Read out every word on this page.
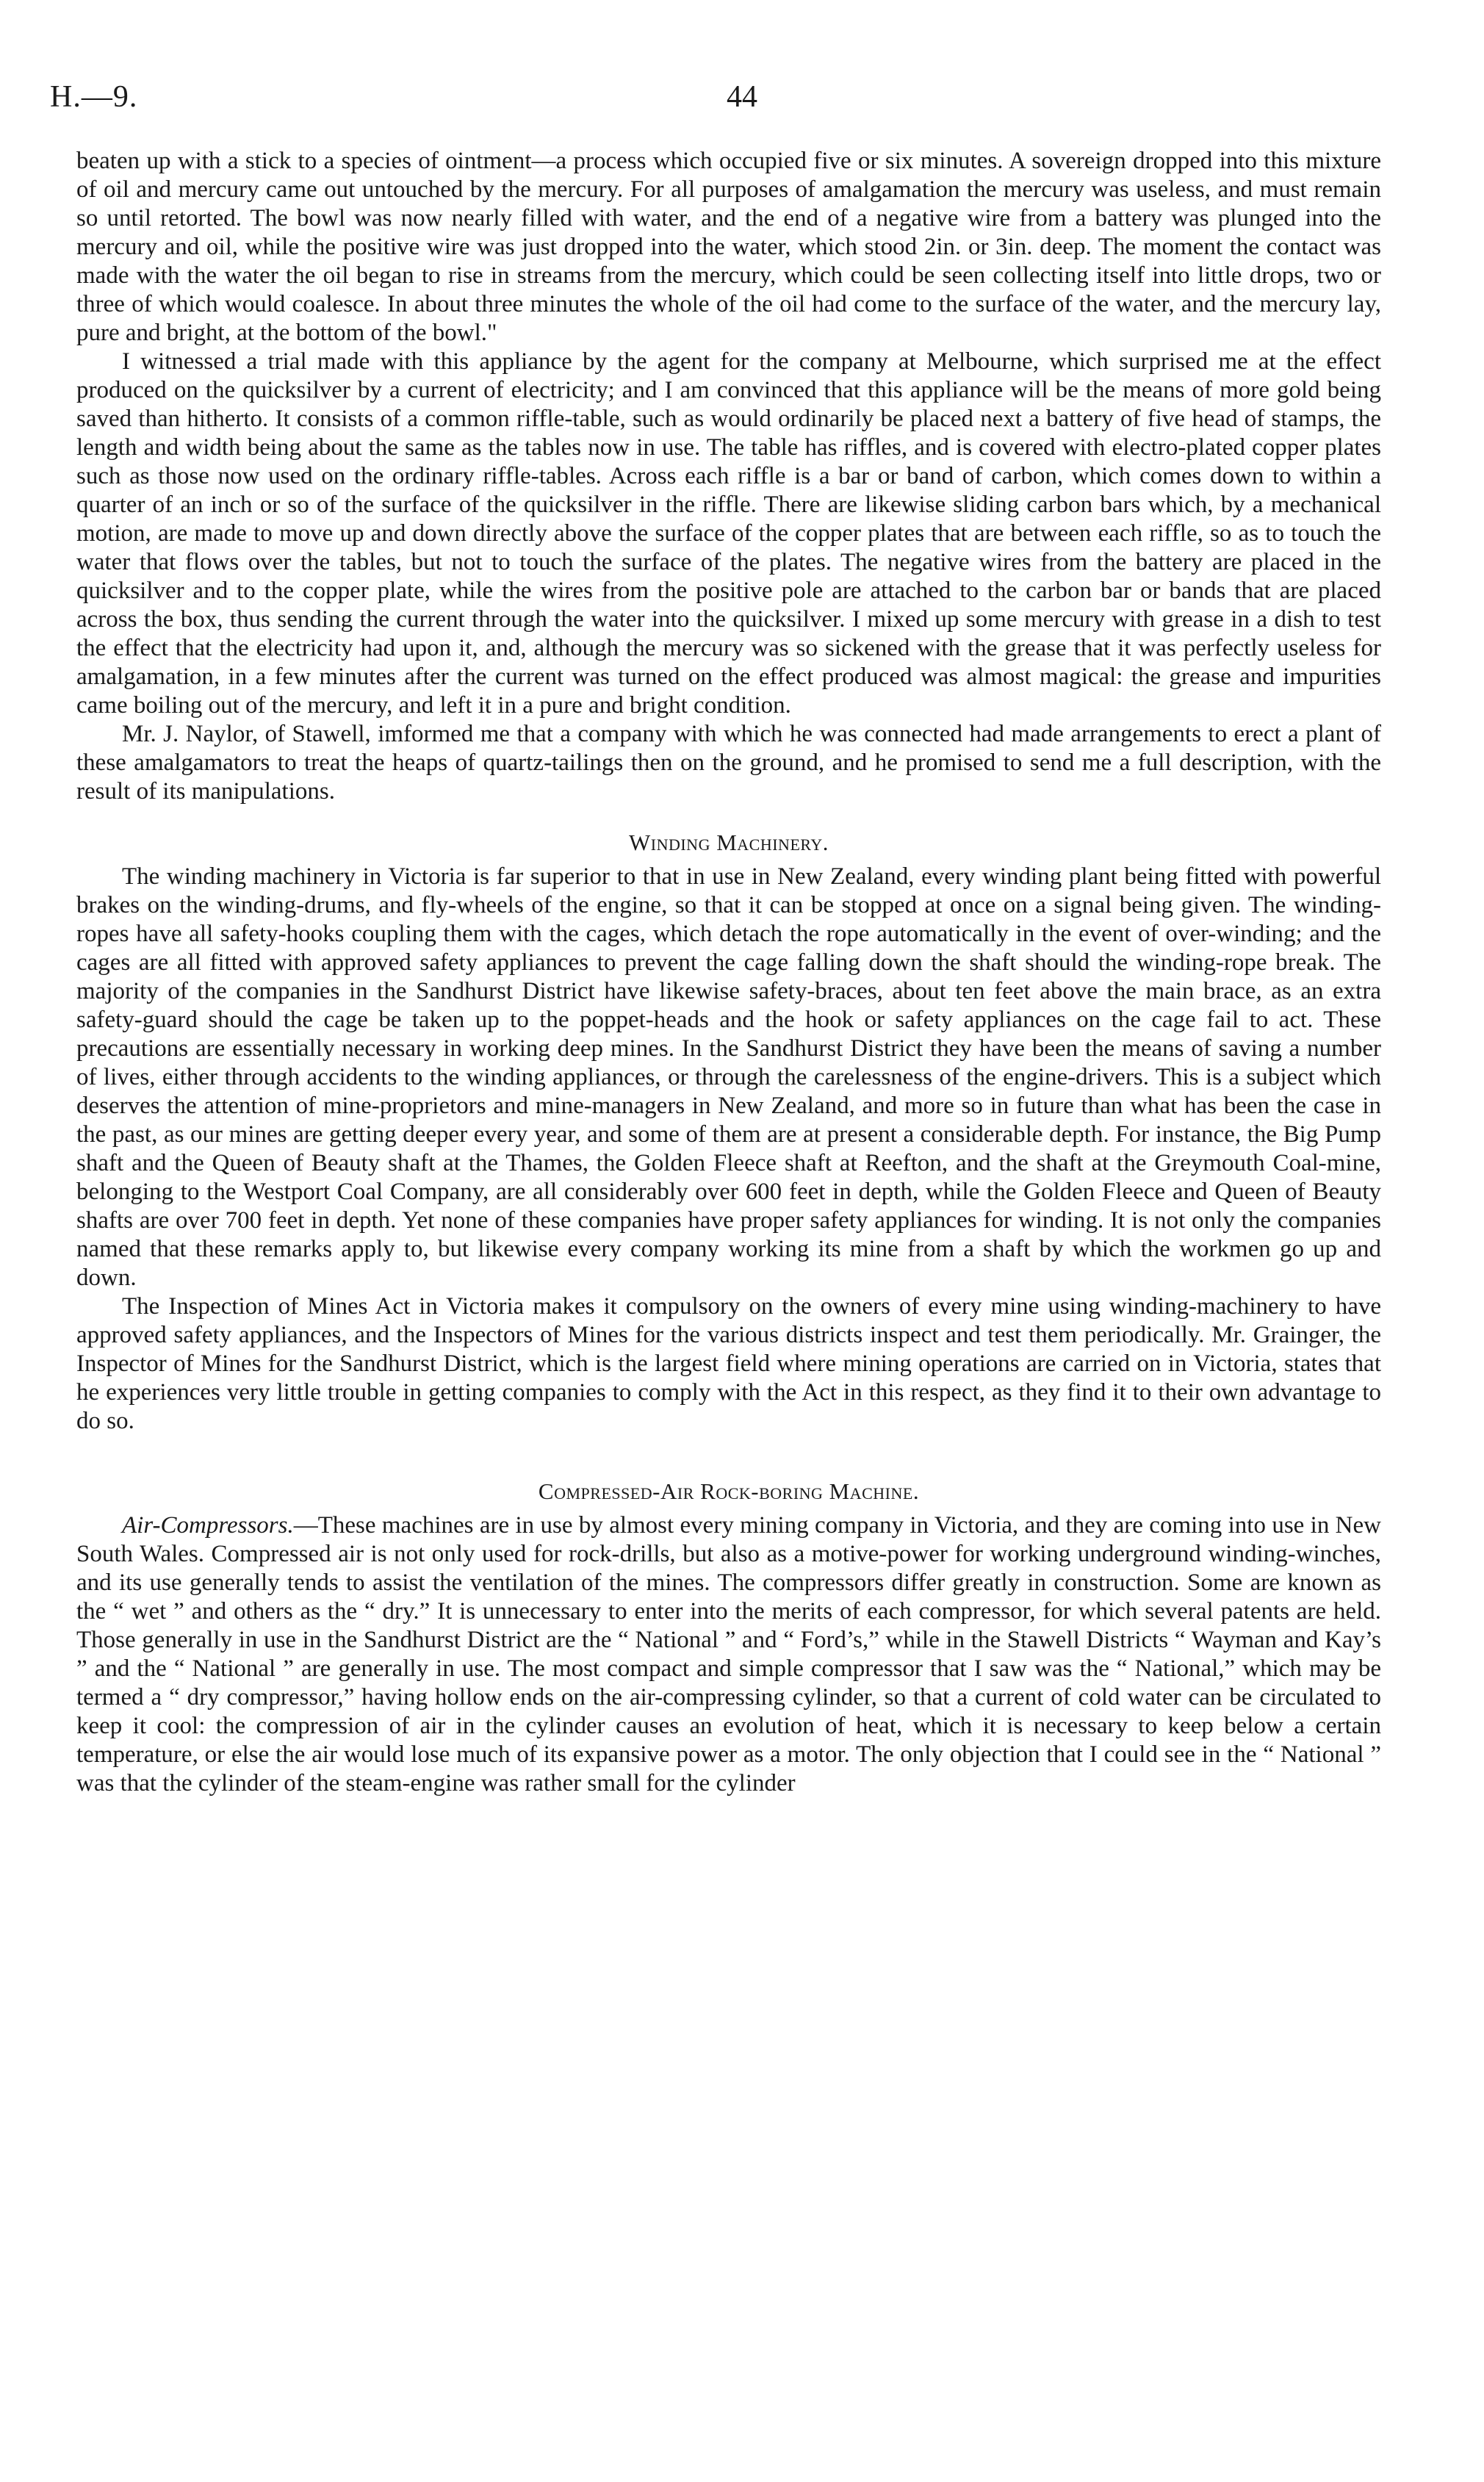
H.—9.	44

beaten up with a stick to a species of ointment—a process which occupied five or six minutes. A sovereign dropped into this mixture of oil and mercury came out untouched by the mercury. For all purposes of amalgamation the mercury was useless, and must remain so until retorted. The bowl was now nearly filled with water, and the end of a negative wire from a battery was plunged into the mercury and oil, while the positive wire was just dropped into the water, which stood 2in. or 3in. deep. The moment the contact was made with the water the oil began to rise in streams from the mercury, which could be seen collecting itself into little drops, two or three of which would coalesce. In about three minutes the whole of the oil had come to the surface of the water, and the mercury lay, pure and bright, at the bottom of the bowl."

I witnessed a trial made with this appliance by the agent for the company at Melbourne, which surprised me at the effect produced on the quicksilver by a current of electricity; and I am convinced that this appliance will be the means of more gold being saved than hitherto. It consists of a common riffle-table, such as would ordinarily be placed next a battery of five head of stamps, the length and width being about the same as the tables now in use. The table has riffles, and is covered with electro-plated copper plates such as those now used on the ordinary riffle-tables. Across each riffle is a bar or band of carbon, which comes down to within a quarter of an inch or so of the surface of the quicksilver in the riffle. There are likewise sliding carbon bars which, by a mechanical motion, are made to move up and down directly above the surface of the copper plates that are between each riffle, so as to touch the water that flows over the tables, but not to touch the surface of the plates. The negative wires from the battery are placed in the quicksilver and to the copper plate, while the wires from the positive pole are attached to the carbon bar or bands that are placed across the box, thus sending the current through the water into the quicksilver. I mixed up some mercury with grease in a dish to test the effect that the electricity had upon it, and, although the mercury was so sickened with the grease that it was perfectly useless for amalgamation, in a few minutes after the current was turned on the effect produced was almost magical: the grease and impurities came boiling out of the mercury, and left it in a pure and bright condition.

Mr. J. Naylor, of Stawell, imformed me that a company with which he was connected had made arrangements to erect a plant of these amalgamators to treat the heaps of quartz-tailings then on the ground, and he promised to send me a full description, with the result of its manipulations.

Winding Machinery.

The winding machinery in Victoria is far superior to that in use in New Zealand, every winding plant being fitted with powerful brakes on the winding-drums, and fly-wheels of the engine, so that it can be stopped at once on a signal being given. The winding-ropes have all safety-hooks coupling them with the cages, which detach the rope automatically in the event of over-winding; and the cages are all fitted with approved safety appliances to prevent the cage falling down the shaft should the winding-rope break. The majority of the companies in the Sandhurst District have likewise safety-braces, about ten feet above the main brace, as an extra safety-guard should the cage be taken up to the poppet-heads and the hook or safety appliances on the cage fail to act. These precautions are essentially necessary in working deep mines. In the Sandhurst District they have been the means of saving a number of lives, either through accidents to the winding appliances, or through the carelessness of the engine-drivers. This is a subject which deserves the attention of mine-proprietors and mine-managers in New Zealand, and more so in future than what has been the case in the past, as our mines are getting deeper every year, and some of them are at present a considerable depth. For instance, the Big Pump shaft and the Queen of Beauty shaft at the Thames, the Golden Fleece shaft at Reefton, and the shaft at the Greymouth Coal-mine, belonging to the Westport Coal Company, are all considerably over 600 feet in depth, while the Golden Fleece and Queen of Beauty shafts are over 700 feet in depth. Yet none of these companies have proper safety appliances for winding. It is not only the companies named that these remarks apply to, but likewise every company working its mine from a shaft by which the workmen go up and down.

The Inspection of Mines Act in Victoria makes it compulsory on the owners of every mine using winding-machinery to have approved safety appliances, and the Inspectors of Mines for the various districts inspect and test them periodically. Mr. Grainger, the Inspector of Mines for the Sandhurst District, which is the largest field where mining operations are carried on in Victoria, states that he experiences very little trouble in getting companies to comply with the Act in this respect, as they find it to their own advantage to do so.

Compressed-Air Rock-boring Machine.

Air-Compressors.—These machines are in use by almost every mining company in Victoria, and they are coming into use in New South Wales. Compressed air is not only used for rock-drills, but also as a motive-power for working underground winding-winches, and its use generally tends to assist the ventilation of the mines. The compressors differ greatly in construction. Some are known as the “ wet ” and others as the “ dry.” It is unnecessary to enter into the merits of each compressor, for which several patents are held. Those generally in use in the Sandhurst District are the “ National ” and “ Ford’s,” while in the Stawell Districts “ Wayman and Kay’s ” and the “ National ” are generally in use. The most compact and simple compressor that I saw was the “ National,” which may be termed a “ dry compressor,” having hollow ends on the air-compressing cylinder, so that a current of cold water can be circulated to keep it cool: the compression of air in the cylinder causes an evolution of heat, which it is necessary to keep below a certain temperature, or else the air would lose much of its expansive power as a motor. The only objection that I could see in the “ National ” was that the cylinder of the steam-engine was rather small for the cylinder
